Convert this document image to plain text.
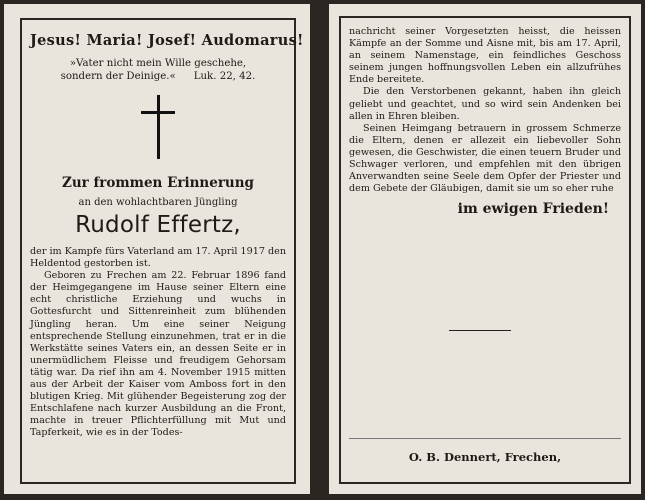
Jesus! Maria! Josef! Audomarus!
»Vater nicht mein Wille geschehe,
sondern der Deinige.« Luk. 22, 42.
Zur frommen Erinnerung
an den wohlachtbaren Jüngling
Rudolf Effertz,

der im Kampfe fürs Vaterland am 17. April 1917 den Heldentod gestorben ist.

Geboren zu Frechen am 22. Februar 1896 fand der Heimgegangene im Hause seiner Eltern eine echt christliche Erziehung und wuchs in Gottesfurcht und Sittenreinheit zum blühenden Jüngling heran. Um eine seiner Neigung entsprechende Stellung einzunehmen, trat er in die Werkstätte seines Vaters ein, an dessen Seite er in unermüdlichem Fleisse und freudigem Gehorsam tätig war. Da rief ihn am 4. November 1915 mitten aus der Arbeit der Kaiser vom Amboss fort in den blutigen Krieg. Mit glühender Begeisterung zog der Entschlafene nach kurzer Ausbildung an die Front, machte in treuer Pflichterfüllung mit Mut und Tapferkeit, wie es in der Todes-

nachricht seiner Vorgesetzten heisst, die heissen Kämpfe an der Somme und Aisne mit, bis am 17. April, an seinem Namenstage, ein feindliches Geschoss seinem jungen hoffnungsvollen Leben ein allzufrühes Ende bereitete.

Die den Verstorbenen gekannt, haben ihn gleich geliebt und geachtet, und so wird sein Andenken bei allen in Ehren bleiben.

Seinen Heimgang betrauern in grossem Schmerze die Eltern, denen er allezeit ein liebevoller Sohn gewesen, die Geschwister, die einen teuern Bruder und Schwager verloren, und empfehlen mit den übrigen Anverwandten seine Seele dem Opfer der Priester und dem Gebete der Gläubigen, damit sie um so eher ruhe

im ewigen Frieden!
O. B. Dennert, Frechen,
